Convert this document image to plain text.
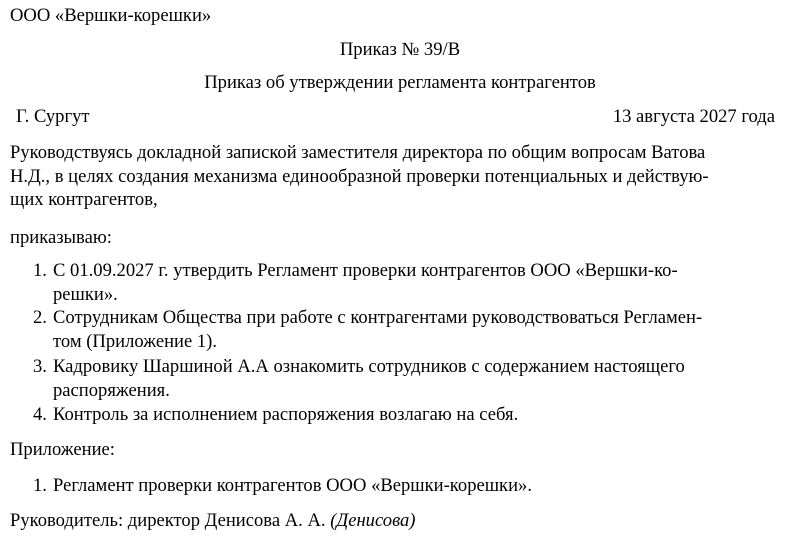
ООО «Вершки-корешки»
Приказ № 39/В
Приказ об утверждении регламента контрагентов
Г. Сургут	13 августа 2027 года
Руководствуясь докладной запиской заместителя директора по общим вопросам Ватова
Н.Д., в целях создания механизма единообразной проверки потенциальных и действую-
щих контрагентов,
приказываю:
1. С 01.09.2027 г. утвердить Регламент проверки контрагентов ООО «Вершки-ко-
решки».
2. Сотрудникам Общества при работе с контрагентами руководствоваться Регламен-
том (Приложение 1).
3. Кадровику Шаршиной А.А ознакомить сотрудников с содержанием настоящего
распоряжения.
4. Контроль за исполнением распоряжения возлагаю на себя.
Приложение:
1. Регламент проверки контрагентов ООО «Вершки-корешки».
Руководитель: директор Денисова А. А. (Денисова)
